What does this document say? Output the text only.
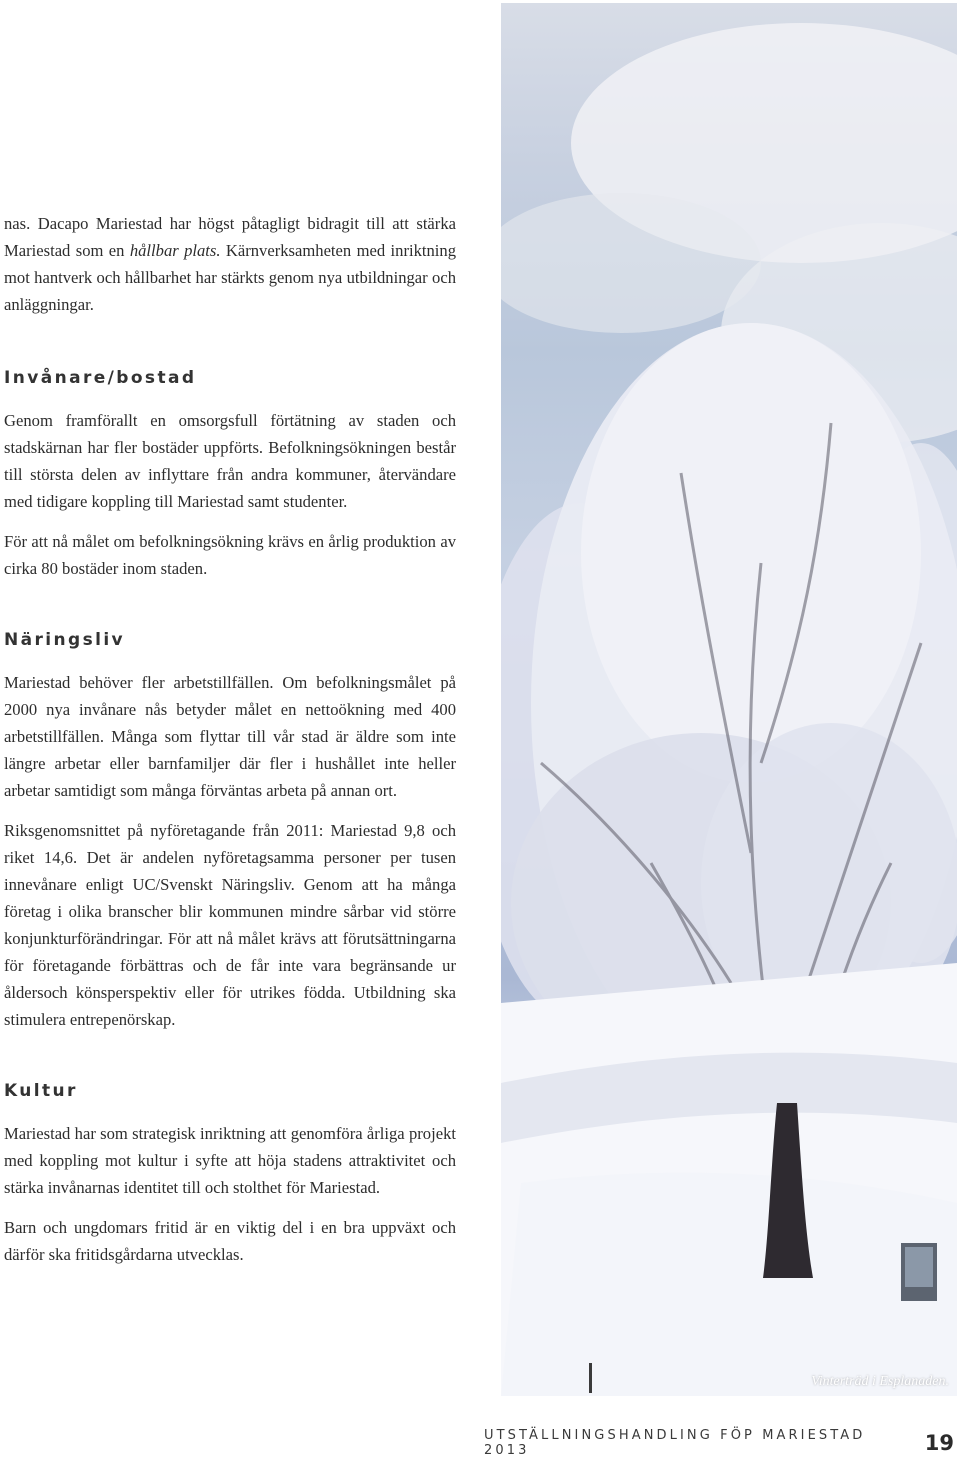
nas. Dacapo Mariestad har högst påtagligt bidragit till att stärka Mariestad som en hållbar plats. Kärnverksamheten med inriktning mot hantverk och hållbarhet har stärkts genom nya utbildningar och anläggningar.

Invånare/bostad

Genom framförallt en omsorgsfull förtätning av staden och stadskärnan har fler bostäder uppförts. Befolkningsökningen består till största delen av inflyttare från andra kommuner, återvändare med tidigare koppling till Mariestad samt studenter.

För att nå målet om befolkningsökning krävs en årlig produktion av cirka 80 bostäder inom staden.

Näringsliv

Mariestad behöver fler arbetstillfällen. Om befolkningsmålet på 2000 nya invånare nås betyder målet en nettoökning med 400 arbetstillfällen. Många som flyttar till vår stad är äldre som inte längre arbetar eller barnfamiljer där fler i hushållet inte heller arbetar samtidigt som många förväntas arbeta på annan ort.

Riksgenomsnittet på nyföretagande från 2011: Mariestad 9,8 och riket 14,6. Det är andelen nyföretagsamma personer per tusen innevånare enligt UC/Svenskt Näringsliv. Genom att ha många företag i olika branscher blir kommunen mindre sårbar vid större konjunkturförändringar. För att nå målet krävs att förutsättningarna för företagande förbättras och de får inte vara begränsande ur åldersoch könsperspektiv eller för utrikes födda. Utbildning ska stimulera entrepenörskap.

Kultur

Mariestad har som strategisk inriktning att genomföra årliga projekt med koppling mot kultur i syfte att höja stadens attraktivitet och stärka invånarnas identitet till och stolthet för Mariestad.

Barn och ungdomars fritid är en viktig del i en bra uppväxt och därför ska fritidsgårdarna utvecklas.

Vinterträd i Esplanaden.
UTSTÄLLNINGSHANDLING FÖP MARIESTAD 2013	19
